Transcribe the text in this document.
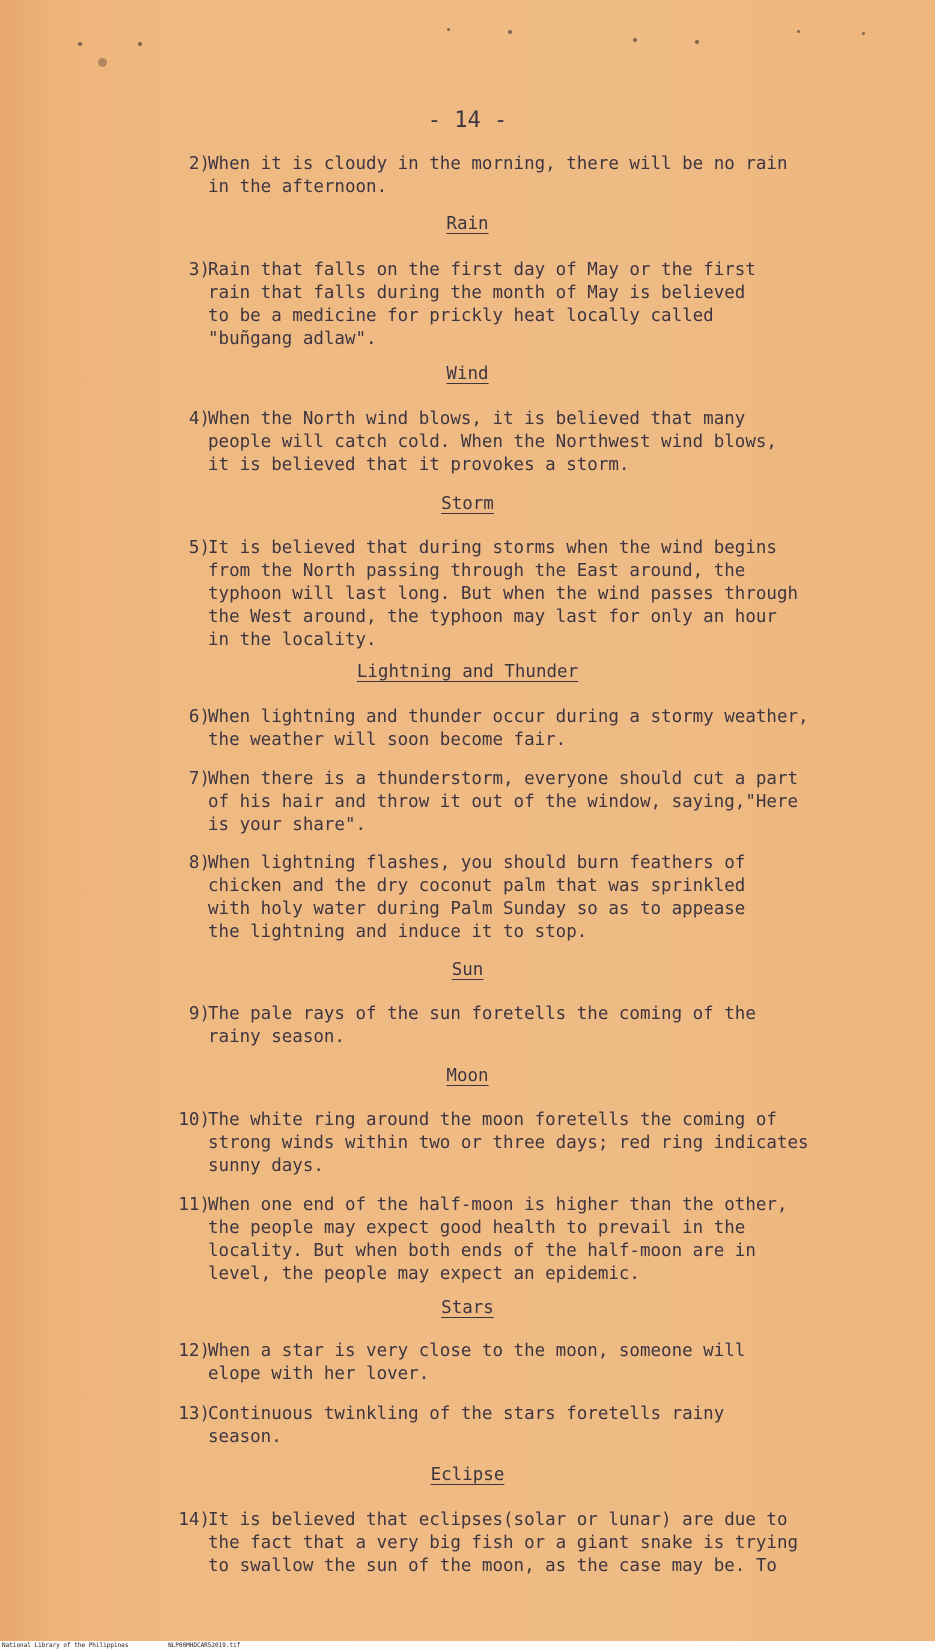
- 14 -
2)
When it is cloudy in the morning, there will be no rain
in the afternoon.
Rain
3)
Rain that falls on the first day of May or the first
rain that falls during the month of May is believed
to be a medicine for prickly heat locally called
"buñgang adlaw".
Wind
4)
When the North wind blows, it is believed that many
people will catch cold. When the Northwest wind blows,
it is believed that it provokes a storm.
Storm
5)
It is believed that during storms when the wind begins
from the North passing through the East around, the
typhoon will last long. But when the wind passes through
the West around, the typhoon may last for only an hour
in the locality.
Lightning and Thunder
6)
When lightning and thunder occur during a stormy weather,
the weather will soon become fair.
7)
When there is a thunderstorm, everyone should cut a part
of his hair and throw it out of the window, saying,"Here
is your share".
8)
When lightning flashes, you should burn feathers of
chicken and the dry coconut palm that was sprinkled
with holy water during Palm Sunday so as to appease
the lightning and induce it to stop.
Sun
9)
The pale rays of the sun foretells the coming of the
rainy season.
Moon
10)
The white ring around the moon foretells the coming of
strong winds within two or three days; red ring indicates
sunny days.
11)
When one end of the half-moon is higher than the other,
the people may expect good health to prevail in the
locality. But when both ends of the half-moon are in
level, the people may expect an epidemic.
Stars
12)
When a star is very close to the moon, someone will
elope with her lover.
13)
Continuous twinkling of the stars foretells rainy
season.
Eclipse
14)
It is believed that eclipses(solar or lunar) are due to
the fact that a very big fish or a giant snake is trying
to swallow the sun of the moon, as the case may be. To
National Library of the Philippines	NLP00MHDCAR52019.tif
